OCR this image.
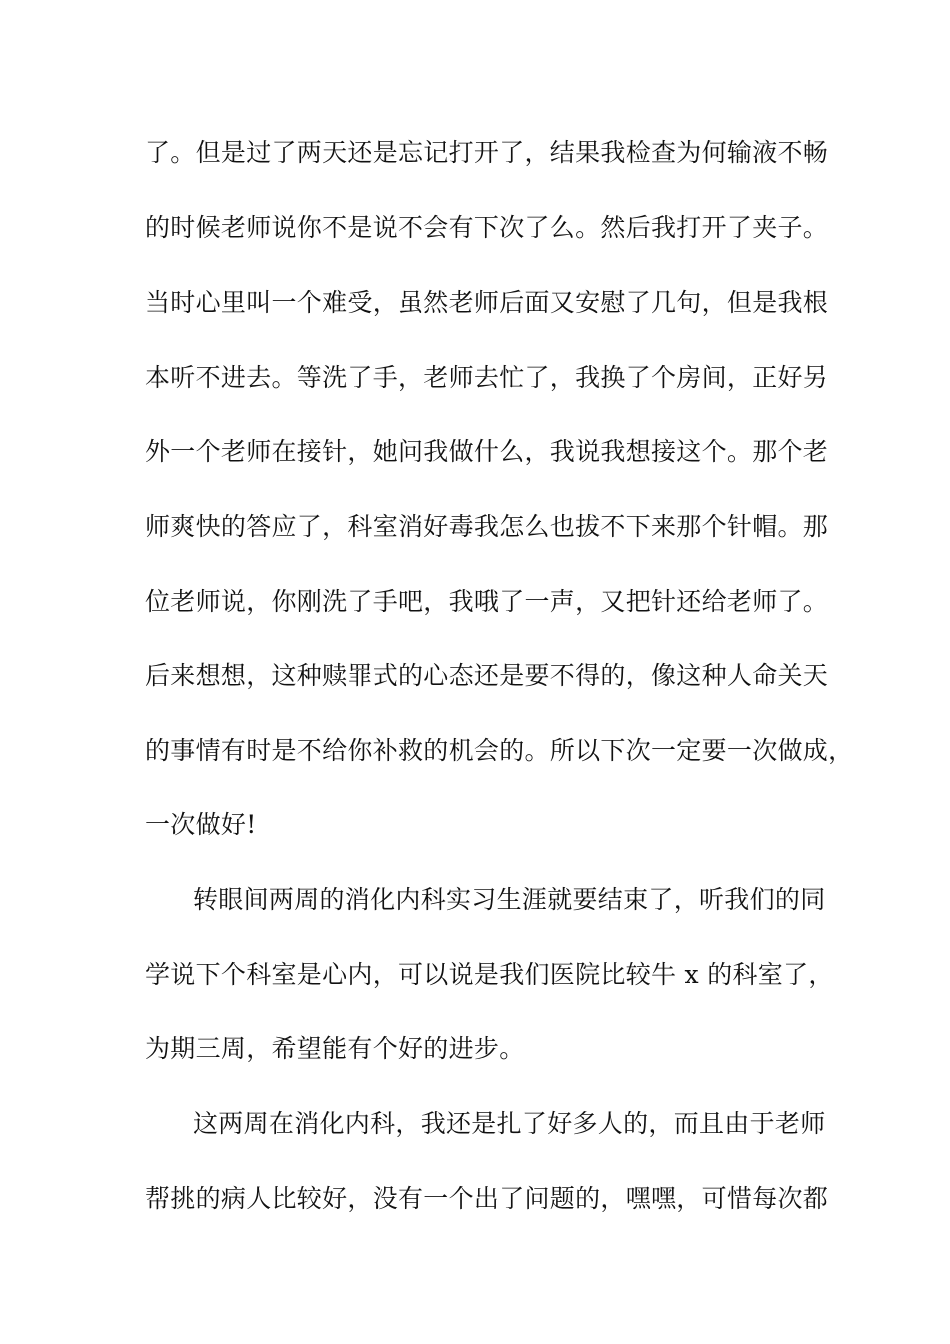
了。但是过了两天还是忘记打开了，结果我检查为何输液不畅
的时候老师说你不是说不会有下次了么。然后我打开了夹子。
当时心里叫一个难受，虽然老师后面又安慰了几句，但是我根
本听不进去。等洗了手，老师去忙了，我换了个房间，正好另
外一个老师在接针，她问我做什么，我说我想接这个。那个老
师爽快的答应了，科室消好毒我怎么也拔不下来那个针帽。那
位老师说，你刚洗了手吧，我哦了一声，又把针还给老师了。
后来想想，这种赎罪式的心态还是要不得的，像这种人命关天
的事情有时是不给你补救的机会的。所以下次一定要一次做成，
一次做好!
转眼间两周的消化内科实习生涯就要结束了，听我们的同
学说下个科室是心内，可以说是我们医院比较牛 x 的科室了，
为期三周，希望能有个好的进步。
这两周在消化内科，我还是扎了好多人的，而且由于老师
帮挑的病人比较好，没有一个出了问题的，嘿嘿，可惜每次都
